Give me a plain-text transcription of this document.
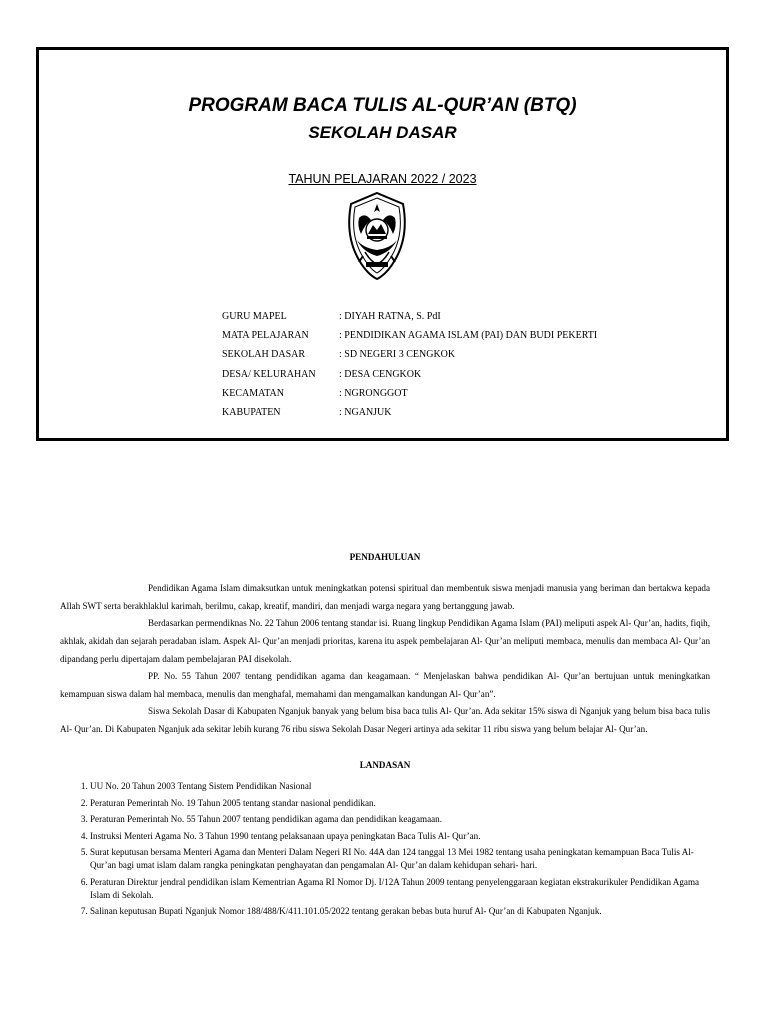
PROGRAM BACA TULIS AL-QUR’AN (BTQ)
SEKOLAH DASAR
TAHUN PELAJARAN 2022 / 2023
GURU MAPEL	: DIYAH RATNA, S. PdI
MATA PELAJARAN	: PENDIDIKAN AGAMA ISLAM (PAI) DAN BUDI PEKERTI
SEKOLAH DASAR	: SD NEGERI 3 CENGKOK
DESA/ KELURAHAN : DESA CENGKOK
KECAMATAN	: NGRONGGOT
KABUPATEN	: NGANJUK
PENDAHULUAN

Pendidikan Agama Islam dimaksutkan untuk meningkatkan potensi spiritual dan membentuk siswa menjadi manusia yang beriman dan bertakwa kepada Allah SWT serta berakhlaklul karimah, berilmu, cakap, kreatif, mandiri, dan menjadi warga negara yang bertanggung jawab.

Berdasarkan permendiknas No. 22 Tahun 2006 tentang standar isi. Ruang lingkup Pendidikan Agama Islam (PAI) meliputi aspek Al- Qur’an, hadits, fiqih, akhlak, akidah dan sejarah peradaban islam. Aspek Al- Qur’an menjadi prioritas, karena itu aspek pembelajaran Al- Qur’an meliputi membaca, menulis dan membaca Al- Qur’an dipandang perlu dipertajam dalam pembelajaran PAI disekolah.

PP. No. 55 Tahun 2007 tentang pendidikan agama dan keagamaan. “ Menjelaskan bahwa pendidikan Al- Qur’an bertujuan untuk meningkatkan kemampuan siswa dalam hal membaca, menulis dan menghafal, memahami dan mengamalkan kandungan Al- Qur’an”.

Siswa Sekolah Dasar di Kabupaten Nganjuk banyak yang belum bisa baca tulis Al- Qur’an. Ada sekitar 15% siswa di Nganjuk yang belum bisa baca tulis Al- Qur’an. Di Kabupaten Nganjuk ada sekitar lebih kurang 76 ribu siswa Sekolah Dasar Negeri artinya ada sekitar 11 ribu siswa yang belum belajar Al- Qur’an.

LANDASAN
1. UU No. 20 Tahun 2003 Tentang Sistem Pendidikan Nasional
2. Peraturan Pemerintah No. 19 Tahun 2005 tentang standar nasional pendidikan.
3. Peraturan Pemerintah No. 55 Tahun 2007 tentang pendidikan agama dan pendidikan keagamaan.
4. Instruksi Menteri Agama No. 3 Tahun 1990 tentang pelaksanaan upaya peningkatan Baca Tulis Al- Qur’an.
5. Surat keputusan bersama Menteri Agama dan Menteri Dalam Negeri RI No. 44A dan 124 tanggal 13 Mei 1982 tentang usaha peningkatan kemampuan Baca Tulis Al- Qur’an bagi umat islam dalam rangka peningkatan penghayatan dan pengamalan Al- Qur’an dalam kehidupan sehari- hari.
6. Peraturan Direktur jendral pendidikan islam Kementrian Agama RI Nomor Dj. I/12A Tahun 2009 tentang penyelenggaraan kegiatan ekstrakurikuler Pendidikan Agama Islam di Sekolah.
7. Salinan keputusan Bupati Nganjuk Nomor 188/488/K/411.101.05/2022 tentang gerakan bebas buta huruf Al- Qur’an di Kabupaten Nganjuk.
